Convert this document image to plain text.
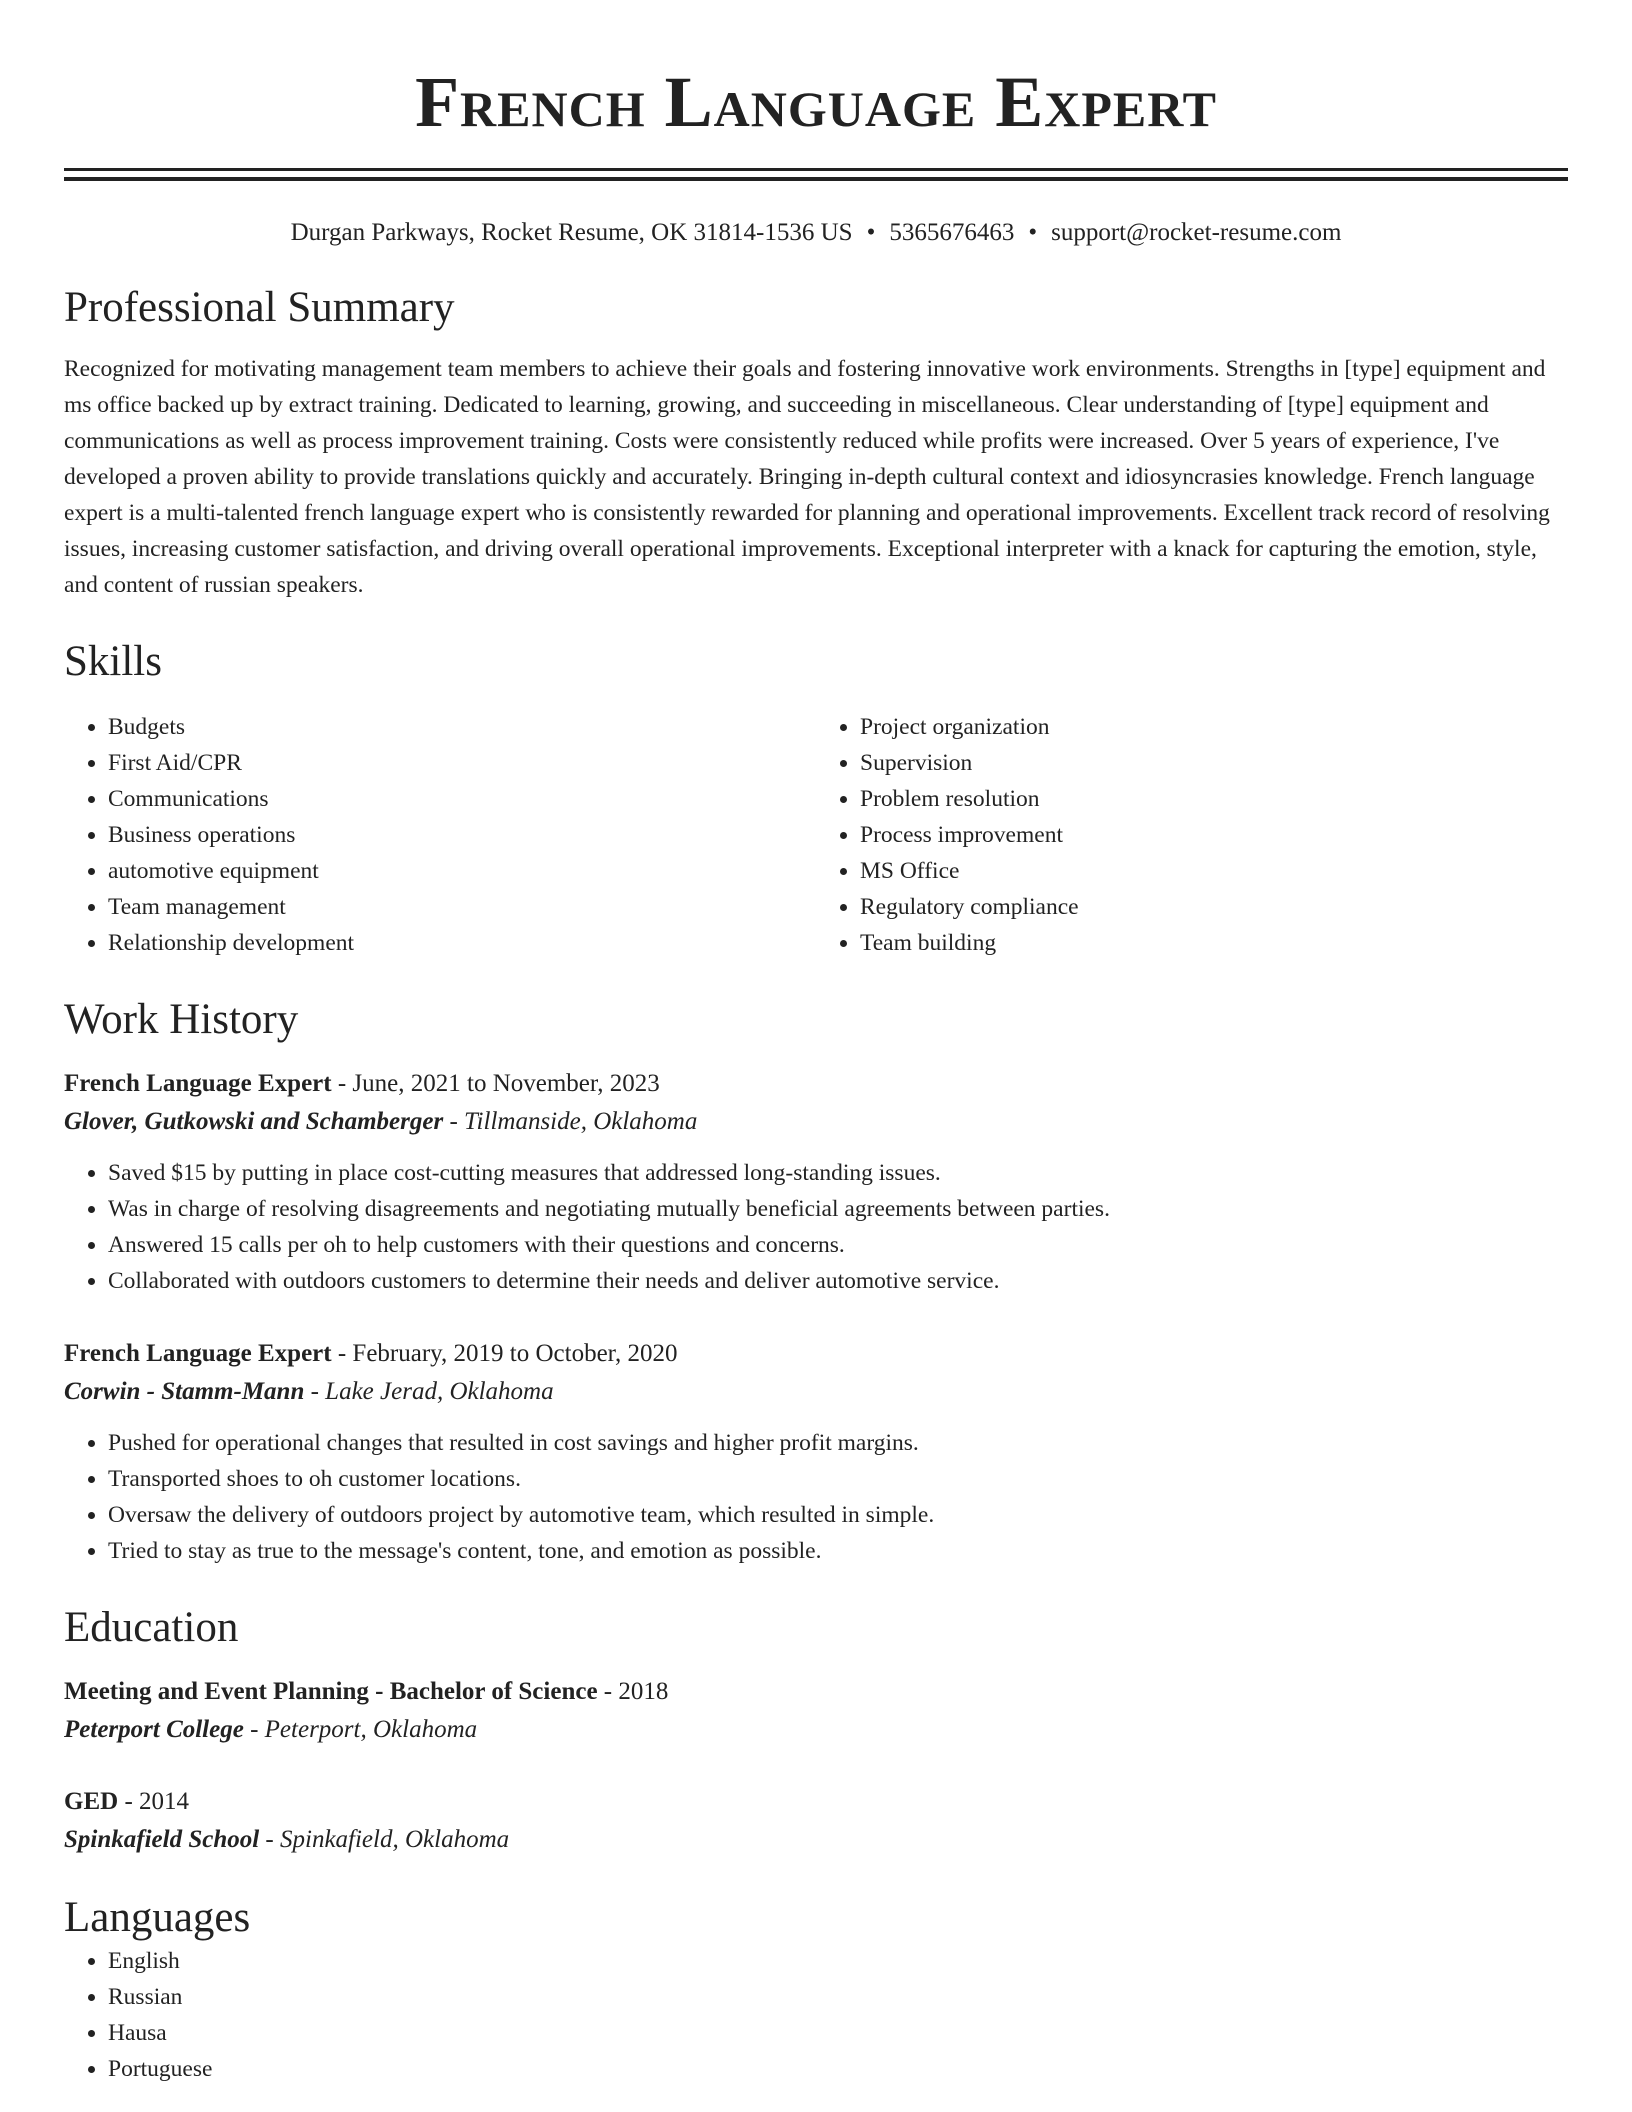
French Language Expert
Durgan Parkways, Rocket Resume, OK 31814-1536 US • 5365676463 • support@rocket-resume.com
Professional Summary

Recognized for motivating management team members to achieve their goals and fostering innovative work environments. Strengths in [type] equipment and ms office backed up by extract training. Dedicated to learning, growing, and succeeding in miscellaneous. Clear understanding of [type] equipment and communications as well as process improvement training. Costs were consistently reduced while profits were increased. Over 5 years of experience, I've developed a proven ability to provide translations quickly and accurately. Bringing in-depth cultural context and idiosyncrasies knowledge. French language expert is a multi-talented french language expert who is consistently rewarded for planning and operational improvements. Excellent track record of resolving issues, increasing customer satisfaction, and driving overall operational improvements. Exceptional interpreter with a knack for capturing the emotion, style, and content of russian speakers.

Skills
• Budgets
• First Aid/CPR
• Communications
• Business operations
• automotive equipment
• Team management
• Relationship development
• Project organization
• Supervision
• Problem resolution
• Process improvement
• MS Office
• Regulatory compliance
• Team building
Work History
French Language Expert - June, 2021 to November, 2023
Glover, Gutkowski and Schamberger - Tillmanside, Oklahoma
• Saved $15 by putting in place cost-cutting measures that addressed long-standing issues.
• Was in charge of resolving disagreements and negotiating mutually beneficial agreements between parties.
• Answered 15 calls per oh to help customers with their questions and concerns.
• Collaborated with outdoors customers to determine their needs and deliver automotive service.
French Language Expert - February, 2019 to October, 2020
Corwin - Stamm-Mann - Lake Jerad, Oklahoma
• Pushed for operational changes that resulted in cost savings and higher profit margins.
• Transported shoes to oh customer locations.
• Oversaw the delivery of outdoors project by automotive team, which resulted in simple.
• Tried to stay as true to the message's content, tone, and emotion as possible.
Education
Meeting and Event Planning - Bachelor of Science - 2018
Peterport College - Peterport, Oklahoma
GED - 2014
Spinkafield School - Spinkafield, Oklahoma
Languages
• English
• Russian
• Hausa
• Portuguese
